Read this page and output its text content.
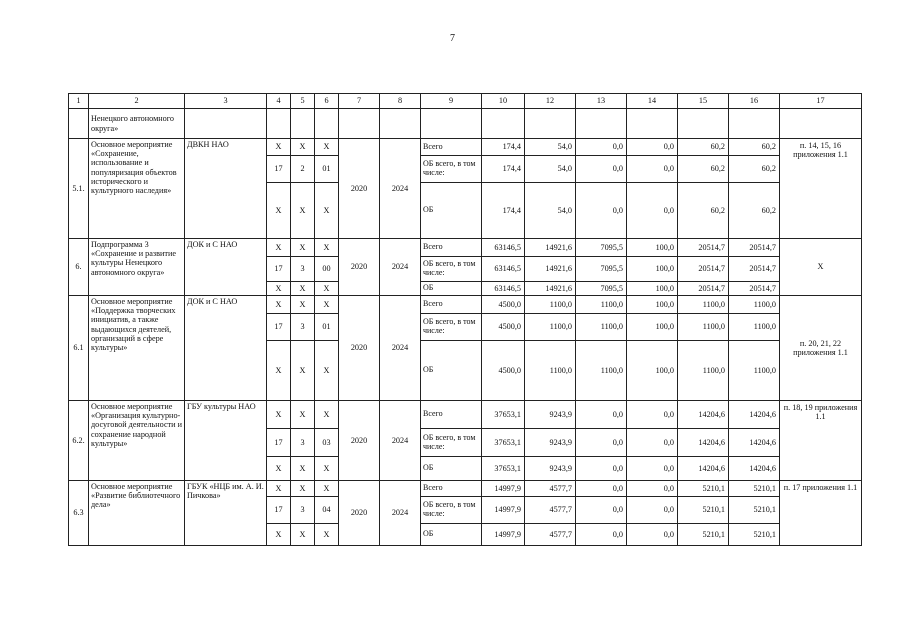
7
1	2	3	4	5	6	7	8	9	10	12	13	14	15	16	17
	Ненецкого автономного округа»														
5.1.	Основное мероприятие «Сохранение, использование и популяризация объектов исторического и культурного наследия»	ДВКН НАО	X	X	X	2020	2024	Всего	174,4	54,0	0,0	0,0	60,2	60,2	п. 14, 15, 16 приложения 1.1
			17	2	01			ОБ всего, в том числе:	174,4	54,0	0,0	0,0	60,2	60,2	
			X	X	X			ОБ	174,4	54,0	0,0	0,0	60,2	60,2	
6.	Подпрограмма 3 «Сохранение и развитие культуры Ненецкого автономного округа»	ДОК и С НАО	X	X	X	2020	2024	Всего	63146,5	14921,6	7095,5	100,0	20514,7	20514,7	X
			17	3	00			ОБ всего, в том числе:	63146,5	14921,6	7095,5	100,0	20514,7	20514,7	
			X	X	X			ОБ	63146,5	14921,6	7095,5	100,0	20514,7	20514,7	
6.1	Основное мероприятие «Поддержка творческих инициатив, а также выдающихся деятелей, организаций в сфере культуры»	ДОК и С НАО	X	X	X	2020	2024	Всего	4500,0	1100,0	1100,0	100,0	1100,0	1100,0	п. 20, 21, 22 приложения 1.1
			17	3	01			ОБ всего, в том числе:	4500,0	1100,0	1100,0	100,0	1100,0	1100,0	
			X	X	X			ОБ	4500,0	1100,0	1100,0	100,0	1100,0	1100,0	
6.2.	Основное мероприятие «Организация культурно-досуговой деятельности и сохранение народной культуры»	ГБУ культуры НАО	X	X	X	2020	2024	Всего	37653,1	9243,9	0,0	0,0	14204,6	14204,6	п. 18, 19 приложения 1.1
			17	3	03			ОБ всего, в том числе:	37653,1	9243,9	0,0	0,0	14204,6	14204,6	
			X	X	X			ОБ	37653,1	9243,9	0,0	0,0	14204,6	14204,6	
6.3	Основное мероприятие «Развитие библиотечного дела»	ГБУК «НЦБ им. А. И. Пичкова»	X	X	X	2020	2024	Всего	14997,9	4577,7	0,0	0,0	5210,1	5210,1	п. 17 приложения 1.1
			17	3	04			ОБ всего, в том числе:	14997,9	4577,7	0,0	0,0	5210,1	5210,1	
			X	X	X			ОБ	14997,9	4577,7	0,0	0,0	5210,1	5210,1	
